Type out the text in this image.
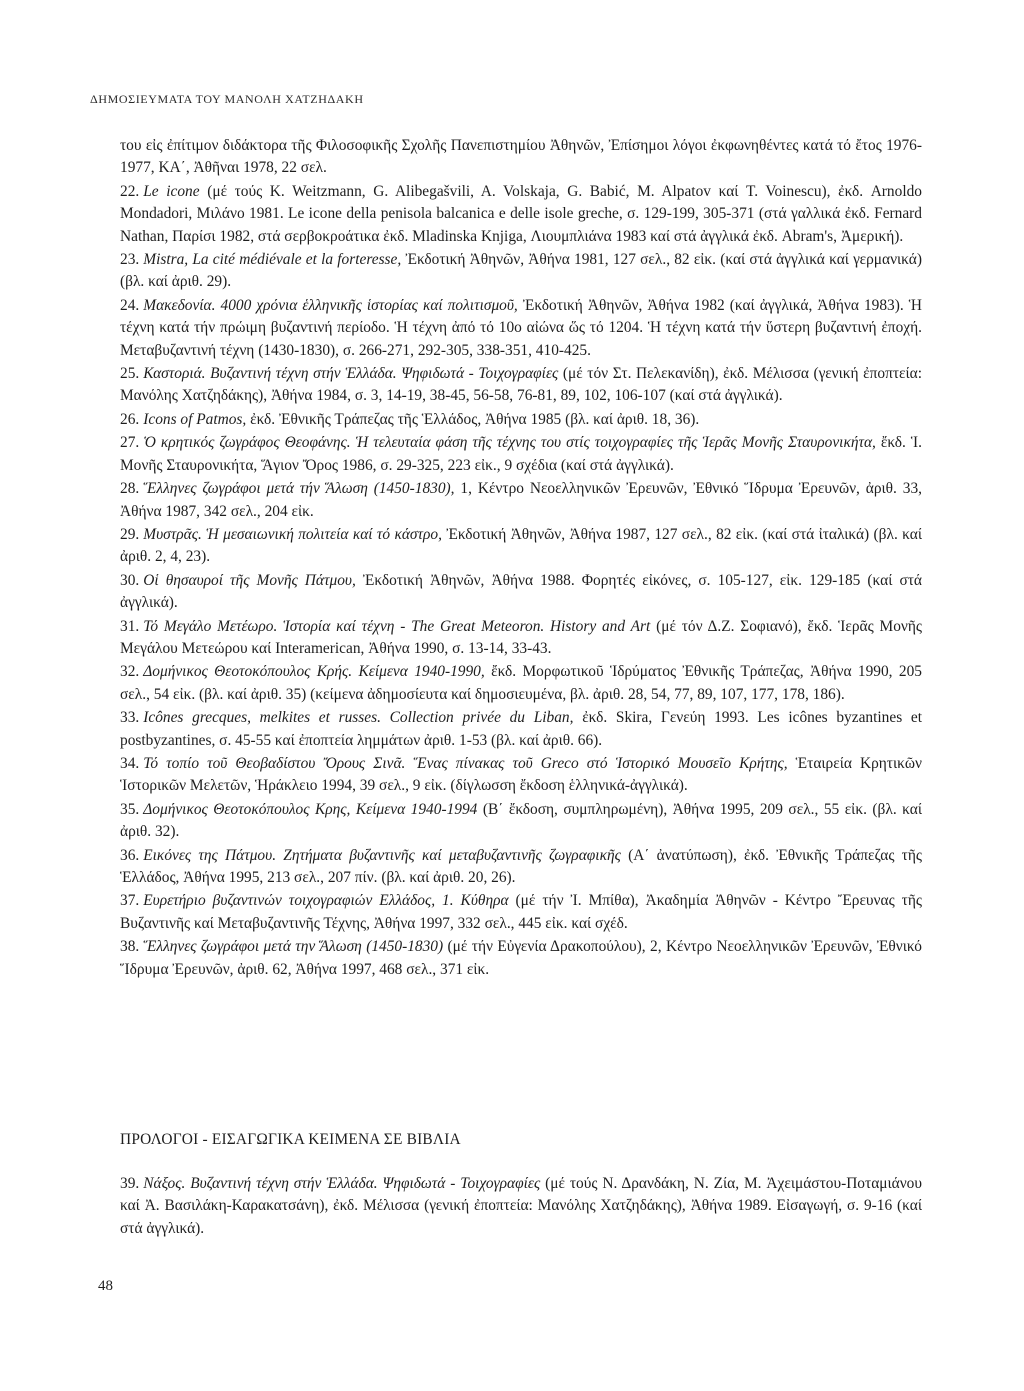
ΔΗΜΟΣΙΕΥΜΑΤΑ ΤΟΥ ΜΑΝΟΛΗ ΧΑΤΖΗΔΑΚΗ

του εἰς ἐπίτιμον διδάκτορα τῆς Φιλοσοφικῆς Σχολῆς Πανεπιστημίου Ἀθηνῶν, Ἐπίσημοι λόγοι ἐκφωνηθέντες κατά τό ἔτος 1976-1977, ΚΑ΄, Ἀθῆναι 1978, 22 σελ.

22. Le icone (μέ τούς K. Weitzmann, G. Alibegašvili, A. Volskaja, G. Babić, M. Alpatov καί T. Voinescu), ἐκδ. Arnoldo Mondadori, Μιλάνο 1981. Le icone della penisola balcanica e delle isole greche, σ. 129-199, 305-371 (στά γαλλικά ἐκδ. Fernard Nathan, Παρίσι 1982, στά σερβοκροάτικα ἐκδ. Mladinska Knjiga, Λιουμπλιάνα 1983 καί στά ἀγγλικά ἐκδ. Abram's, Ἀμερική).

23. Mistra, La cité médiévale et la forteresse, Ἐκδοτική Ἀθηνῶν, Ἀθήνα 1981, 127 σελ., 82 εἰκ. (καί στά ἀγγλικά καί γερμανικά) (βλ. καί ἀριθ. 29).

24. Μακεδονία. 4000 χρόνια ἑλληνικῆς ἱστορίας καί πολιτισμοῦ, Ἐκδοτική Ἀθηνῶν, Ἀθήνα 1982 (καί ἀγγλικά, Ἀθήνα 1983). Ἡ τέχνη κατά τήν πρώιμη βυζαντινή περίοδο. Ἡ τέχνη ἀπό τό 10ο αἰώνα ὥς τό 1204. Ἡ τέχνη κατά τήν ὕστερη βυζαντινή ἐποχή. Μεταβυζαντινή τέχνη (1430-1830), σ. 266-271, 292-305, 338-351, 410-425.

25. Καστοριά. Βυζαντινή τέχνη στήν Ἑλλάδα. Ψηφιδωτά - Τοιχογραφίες (μέ τόν Στ. Πελεκανίδη), ἐκδ. Μέλισσα (γενική ἐποπτεία: Μανόλης Χατζηδάκης), Ἀθήνα 1984, σ. 3, 14-19, 38-45, 56-58, 76-81, 89, 102, 106-107 (καί στά ἀγγλικά).

26. Icons of Patmos, ἐκδ. Ἐθνικῆς Τράπεζας τῆς Ἑλλάδος, Ἀθήνα 1985 (βλ. καί ἀριθ. 18, 36).

27. Ὁ κρητικός ζωγράφος Θεοφάνης. Ἡ τελευταία φάση τῆς τέχνης του στίς τοιχογραφίες τῆς Ἱερᾶς Μονῆς Σταυρονικήτα, ἔκδ. Ἱ. Μονῆς Σταυρονικήτα, Ἅγιον Ὄρος 1986, σ. 29-325, 223 εἰκ., 9 σχέδια (καί στά ἀγγλικά).

28. Ἕλληνες ζωγράφοι μετά τήν Ἅλωση (1450-1830), 1, Κέντρο Νεοελληνικῶν Ἐρευνῶν, Ἐθνικό Ἵδρυμα Ἐρευνῶν, ἀριθ. 33, Ἀθήνα 1987, 342 σελ., 204 εἰκ.

29. Μυστρᾶς. Ἡ μεσαιωνική πολιτεία καί τό κάστρο, Ἐκδοτική Ἀθηνῶν, Ἀθήνα 1987, 127 σελ., 82 εἰκ. (καί στά ἰταλικά) (βλ. καί ἀριθ. 2, 4, 23).

30. Οἱ θησαυροί τῆς Μονῆς Πάτμου, Ἐκδοτική Ἀθηνῶν, Ἀθήνα 1988. Φορητές εἰκόνες, σ. 105-127, εἰκ. 129-185 (καί στά ἀγγλικά).

31. Τό Μεγάλο Μετέωρο. Ἱστορία καί τέχνη - The Great Meteoron. History and Art (μέ τόν Δ.Ζ. Σοφιανό), ἔκδ. Ἱερᾶς Μονῆς Μεγάλου Μετεώρου καί Interamerican, Ἀθήνα 1990, σ. 13-14, 33-43.

32. Δομήνικος Θεοτοκόπουλος Κρής. Κείμενα 1940-1990, ἔκδ. Μορφωτικοῦ Ἱδρύματος Ἐθνικῆς Τράπεζας, Ἀθήνα 1990, 205 σελ., 54 εἰκ. (βλ. καί ἀριθ. 35) (κείμενα ἀδημοσίευτα καί δημοσιευμένα, βλ. ἀριθ. 28, 54, 77, 89, 107, 177, 178, 186).

33. Icônes grecques, melkites et russes. Collection privée du Liban, ἐκδ. Skira, Γενεύη 1993. Les icônes byzantines et postbyzantines, σ. 45-55 καί ἐποπτεία λημμάτων ἀριθ. 1-53 (βλ. καί ἀριθ. 66).

34. Τό τοπίο τοῦ Θεοβαδίστου Ὄρους Σινᾶ. Ἕνας πίνακας τοῦ Greco στό Ἱστορικό Μουσεῖο Κρήτης, Ἑταιρεία Κρητικῶν Ἱστορικῶν Μελετῶν, Ἡράκλειο 1994, 39 σελ., 9 εἰκ. (δίγλωσση ἔκδοση ἑλληνικά-ἀγγλικά).

35. Δομήνικος Θεοτοκόπουλος Κρης, Κείμενα 1940-1994 (Β΄ ἔκδοση, συμπληρωμένη), Ἀθήνα 1995, 209 σελ., 55 εἰκ. (βλ. καί ἀριθ. 32).

36. Εικόνες της Πάτμου. Ζητήματα βυζαντινῆς καί μεταβυζαντινῆς ζωγραφικῆς (Α΄ ἀνατύπωση), ἐκδ. Ἐθνικῆς Τράπεζας τῆς Ἑλλάδος, Ἀθήνα 1995, 213 σελ., 207 πίν. (βλ. καί ἀριθ. 20, 26).

37. Ευρετήριο βυζαντινών τοιχογραφιών Ελλάδος, 1. Κύθηρα (μέ τήν Ἰ. Μπίθα), Ἀκαδημία Ἀθηνῶν - Κέντρο Ἔρευνας τῆς Βυζαντινῆς καί Μεταβυζαντινῆς Τέχνης, Ἀθήνα 1997, 332 σελ., 445 εἰκ. καί σχέδ.

38. Ἕλληνες ζωγράφοι μετά την Ἅλωση (1450-1830) (μέ τήν Εὐγενία Δρακοπούλου), 2, Κέντρο Νεοελληνικῶν Ἐρευνῶν, Ἐθνικό Ἵδρυμα Ἐρευνῶν, ἀριθ. 62, Ἀθήνα 1997, 468 σελ., 371 εἰκ.

ΠΡΟΛΟΓΟΙ - ΕΙΣΑΓΩΓΙΚΑ ΚΕΙΜΕΝΑ ΣΕ ΒΙΒΛΙΑ

39. Νάξος. Βυζαντινή τέχνη στήν Ἑλλάδα. Ψηφιδωτά - Τοιχογραφίες (μέ τούς Ν. Δρανδάκη, Ν. Ζία, Μ. Ἀχειμάστου-Ποταμιάνου καί Ἀ. Βασιλάκη-Καρακατσάνη), ἐκδ. Μέλισσα (γενική ἐποπτεία: Μανόλης Χατζηδάκης), Ἀθήνα 1989. Εἰσαγωγή, σ. 9-16 (καί στά ἀγγλικά).

48
